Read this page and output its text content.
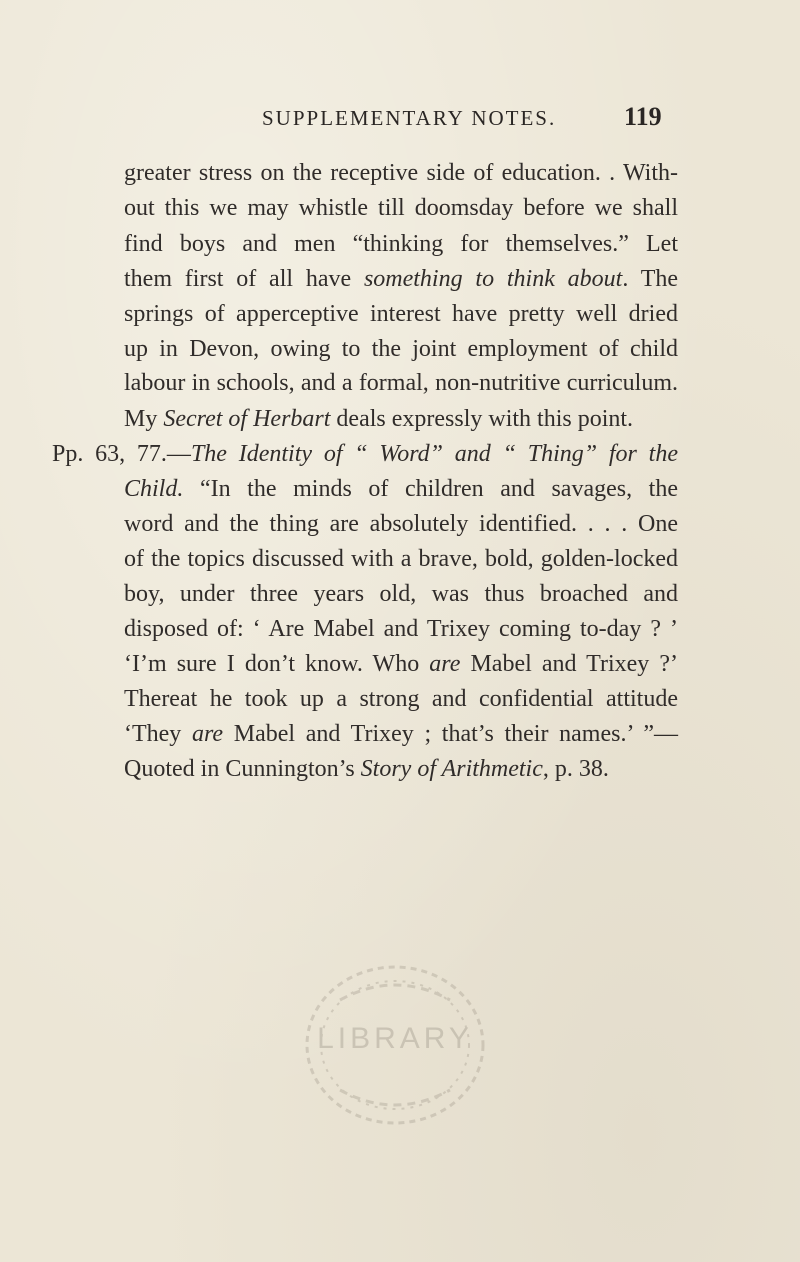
SUPPLEMENTARY NOTES.	119
greater stress on the receptive side of education. . With-
out this we may whistle till doomsday before we shall
find boys and men “thinking for themselves.” Let
them first of all have something to think about. The
springs of apperceptive interest have pretty well dried
up in Devon, owing to the joint employment of child
labour in schools, and a formal, non-nutritive curriculum.
My Secret of Herbart deals expressly with this point.
Pp. 63, 77.—The Identity of “ Word” and “ Thing” for the
Child. “In the minds of children and savages, the
word and the thing are absolutely identified. . . . One
of the topics discussed with a brave, bold, golden-locked
boy, under three years old, was thus broached and
disposed of: ‘ Are Mabel and Trixey coming to-day ? ’
‘I’m sure I don’t know. Who are Mabel and Trixey ?’
Thereat he took up a strong and confidential attitude
‘They are Mabel and Trixey ; that’s their names.’ ”—
Quoted in Cunnington’s Story of Arithmetic, p. 38.
LIBRARY
